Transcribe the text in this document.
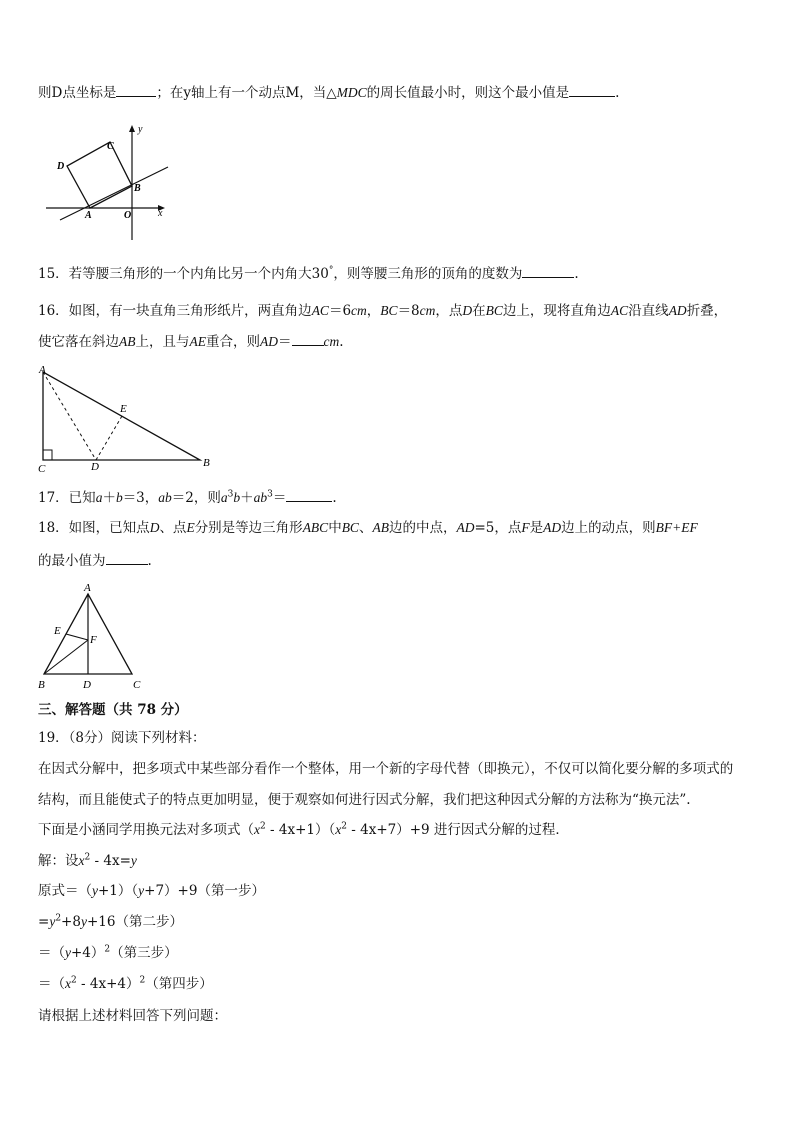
则D点坐标是	；在y轴上有一个动点M，当△MDC的周长值最小时，则这个最小值是	.
y
x
A
B
C
D
O
15．若等腰三角形的一个内角比另一个内角大30°，则等腰三角形的顶角的度数为	.
16．如图，有一块直角三角形纸片，两直角边AC＝6cm，BC＝8cm，点D在BC边上，现将直角边AC沿直线AD折叠，
使它落在斜边AB上，且与AE重合，则AD＝ cm.
A
E
C	D	B
17．已知a＋b＝3，ab＝2，则$a^3b+ab^3=$	.
18．如图，已知点D、点E分别是等边三角形ABC中BC、AB边的中点，AD=5，点F是AD边上的动点，则BF+EF
的最小值为	.
A
E
F
B	D	C
三、解答题（共 78 分）
19．（8分）阅读下列材料：
在因式分解中，把多项式中某些部分看作一个整体，用一个新的字母代替（即换元），不仅可以简化要分解的多项式的
结构，而且能使式子的特点更加明显，便于观察如何进行因式分解，我们把这种因式分解的方法称为“换元法”.
下面是小涵同学用换元法对多项式$(x^2 - 4x+1)(x^2 - 4x+7)+9$ 进行因式分解的过程．
解：设$x^2 - 4x=y$
原式＝（y+1）（y+7）+9（第一步）
$=y^2+8y+16$（第二步）
$=(y+4)^2$（第三步）
$=(x^2 - 4x+4)^2$（第四步）
请根据上述材料回答下列问题：
